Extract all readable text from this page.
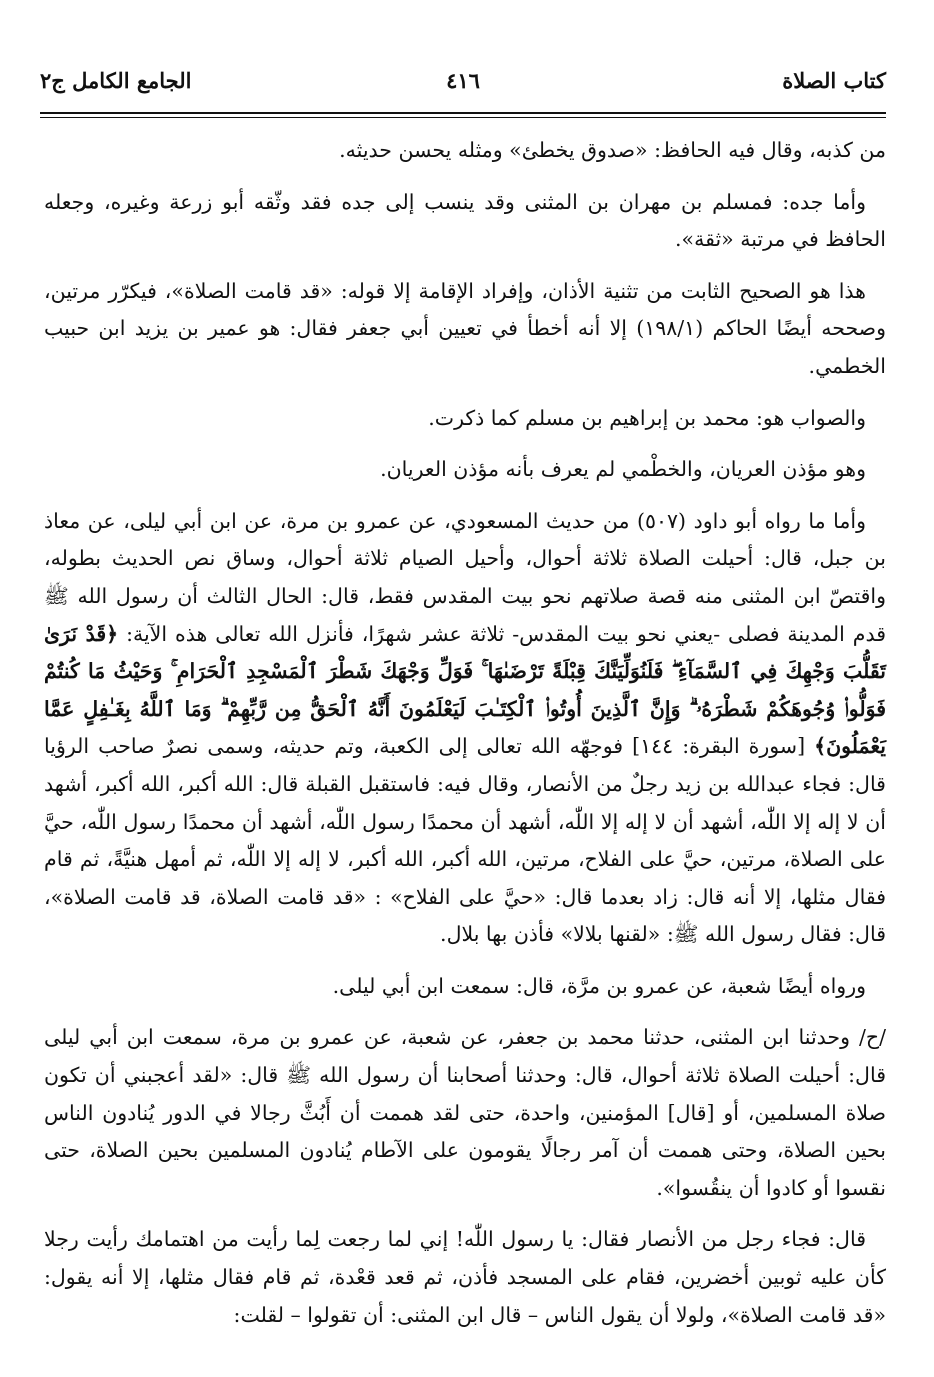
كتاب الصلاة
٤١٦
الجامع الكامل ج٢

من كذبه، وقال فيه الحافظ: «صدوق يخطئ» ومثله يحسن حديثه.

وأما جده: فمسلم بن مهران بن المثنى وقد ينسب إلى جده فقد وثّقه أبو زرعة وغيره، وجعله الحافظ في مرتبة «ثقة».

هذا هو الصحيح الثابت من تثنية الأذان، وإفراد الإقامة إلا قوله: «قد قامت الصلاة»، فيكرّر مرتين، وصححه أيضًا الحاكم (١٩٨/١) إلا أنه أخطأ في تعيين أبي جعفر فقال: هو عمير بن يزيد ابن حبيب الخطمي.

والصواب هو: محمد بن إبراهيم بن مسلم كما ذكرت.

وهو مؤذن العريان، والخطْمي لم يعرف بأنه مؤذن العريان.

وأما ما رواه أبو داود (٥٠٧) من حديث المسعودي، عن عمرو بن مرة، عن ابن أبي ليلى، عن معاذ بن جبل، قال: أحيلت الصلاة ثلاثة أحوال، وأحيل الصيام ثلاثة أحوال، وساق نص الحديث بطوله، واقتصّ ابن المثنى منه قصة صلاتهم نحو بيت المقدس فقط، قال: الحال الثالث أن رسول الله ﷺ قدم المدينة فصلى -يعني نحو بيت المقدس- ثلاثة عشر شهرًا، فأنزل الله تعالى هذه الآية: ﴿قَدْ نَرَىٰ تَقَلُّبَ وَجْهِكَ فِي ٱلسَّمَآءِ ۖ فَلَنُوَلِّيَنَّكَ قِبْلَةً تَرْضَىٰهَا ۚ فَوَلِّ وَجْهَكَ شَطْرَ ٱلْمَسْجِدِ ٱلْحَرَامِ ۚ وَحَيْثُ مَا كُنتُمْ فَوَلُّوا۟ وُجُوهَكُمْ شَطْرَهُۥ ۗ وَإِنَّ ٱلَّذِينَ أُوتُوا۟ ٱلْكِتَـٰبَ لَيَعْلَمُونَ أَنَّهُ ٱلْحَقُّ مِن رَّبِّهِمْ ۗ وَمَا ٱللَّهُ بِغَـٰفِلٍ عَمَّا يَعْمَلُونَ﴾ [سورة البقرة: ١٤٤] فوجهّه الله تعالى إلى الكعبة، وتم حديثه، وسمى نصرٌ صاحب الرؤيا قال: فجاء عبدالله بن زيد رجلٌ من الأنصار، وقال فيه: فاستقبل القبلة قال: الله أكبر، الله أكبر، أشهد أن لا إله إلا اللّٰه، أشهد أن لا إله إلا اللّٰه، أشهد أن محمدًا رسول اللّٰه، أشهد أن محمدًا رسول اللّٰه، حيَّ على الصلاة، مرتين، حيَّ على الفلاح، مرتين، الله أكبر، الله أكبر، لا إله إلا اللّٰه، ثم أمهل هنيَّةً، ثم قام فقال مثلها، إلا أنه قال: زاد بعدما قال: «حيَّ على الفلاح» : «قد قامت الصلاة، قد قامت الصلاة»، قال: فقال رسول الله ﷺ: «لقنها بلالا» فأذن بها بلال.

ورواه أيضًا شعبة، عن عمرو بن مرَّة، قال: سمعت ابن أبي ليلى.

/ح/ وحدثنا ابن المثنى، حدثنا محمد بن جعفر، عن شعبة، عن عمرو بن مرة، سمعت ابن أبي ليلى قال: أحيلت الصلاة ثلاثة أحوال، قال: وحدثنا أصحابنا أن رسول الله ﷺ قال: «لقد أعجبني أن تكون صلاة المسلمين، أو [قال] المؤمنين، واحدة، حتى لقد هممت أن أَبُثَّ رجالا في الدور يُنادون الناس بحين الصلاة، وحتى هممت أن آمر رجالًا يقومون على الآطام يُنادون المسلمين بحين الصلاة، حتى نقسوا أو كادوا أن ينقُسوا».

قال: فجاء رجل من الأنصار فقال: يا رسول اللّٰه! إني لما رجعت لِما رأيت من اهتمامك رأيت رجلا كأن عليه ثوبين أخضرين، فقام على المسجد فأذن، ثم قعد قعْدة، ثم قام فقال مثلها، إلا أنه يقول: «قد قامت الصلاة»، ولولا أن يقول الناس – قال ابن المثنى: أن تقولوا – لقلت:
